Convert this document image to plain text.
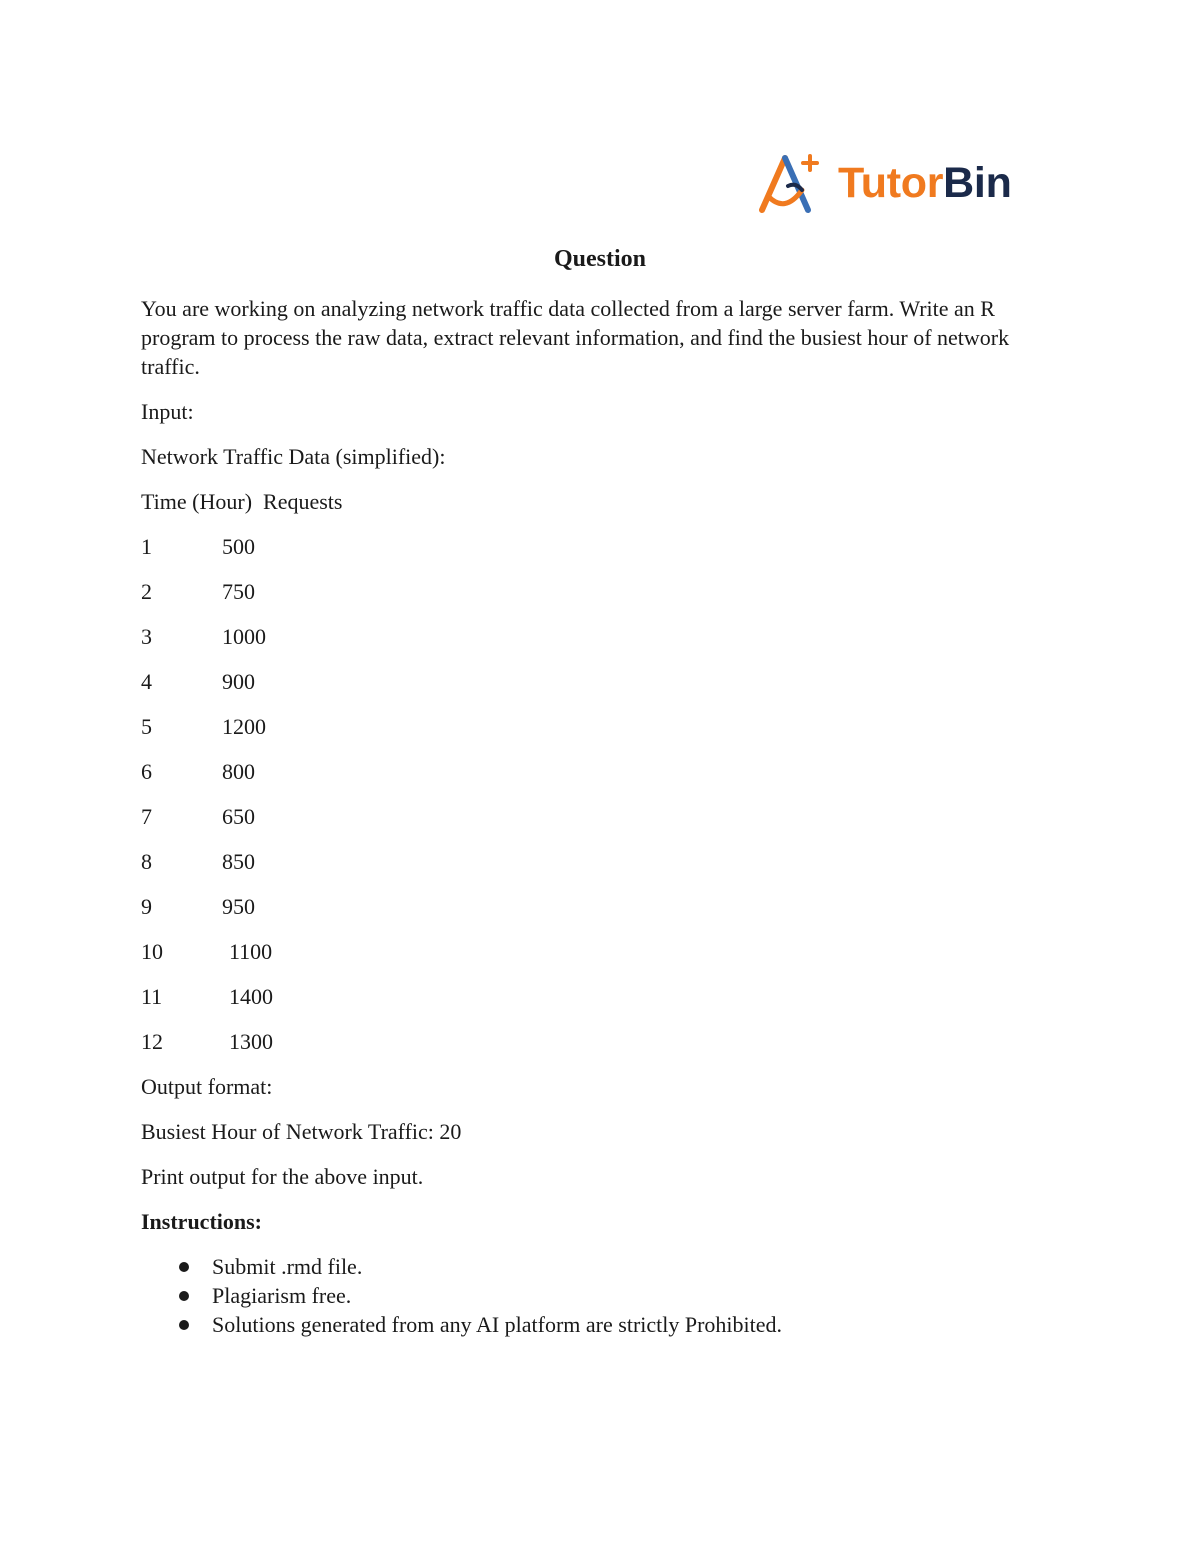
TutorBin
Question

You are working on analyzing network traffic data collected from a large server farm. Write an R program to process the raw data, extract relevant information, and find the busiest hour of network traffic.

Input:

Network Traffic Data (simplified):

Time (Hour)  Requests

1	500
2	750
3	1000
4	900
5	1200
6	800
7	650
8	850
9	950
10	1100
11	1400
12	1300

Output format:

Busiest Hour of Network Traffic: 20

Print output for the above input.

Instructions:

Submit .rmd file.
Plagiarism free.
Solutions generated from any AI platform are strictly Prohibited.
